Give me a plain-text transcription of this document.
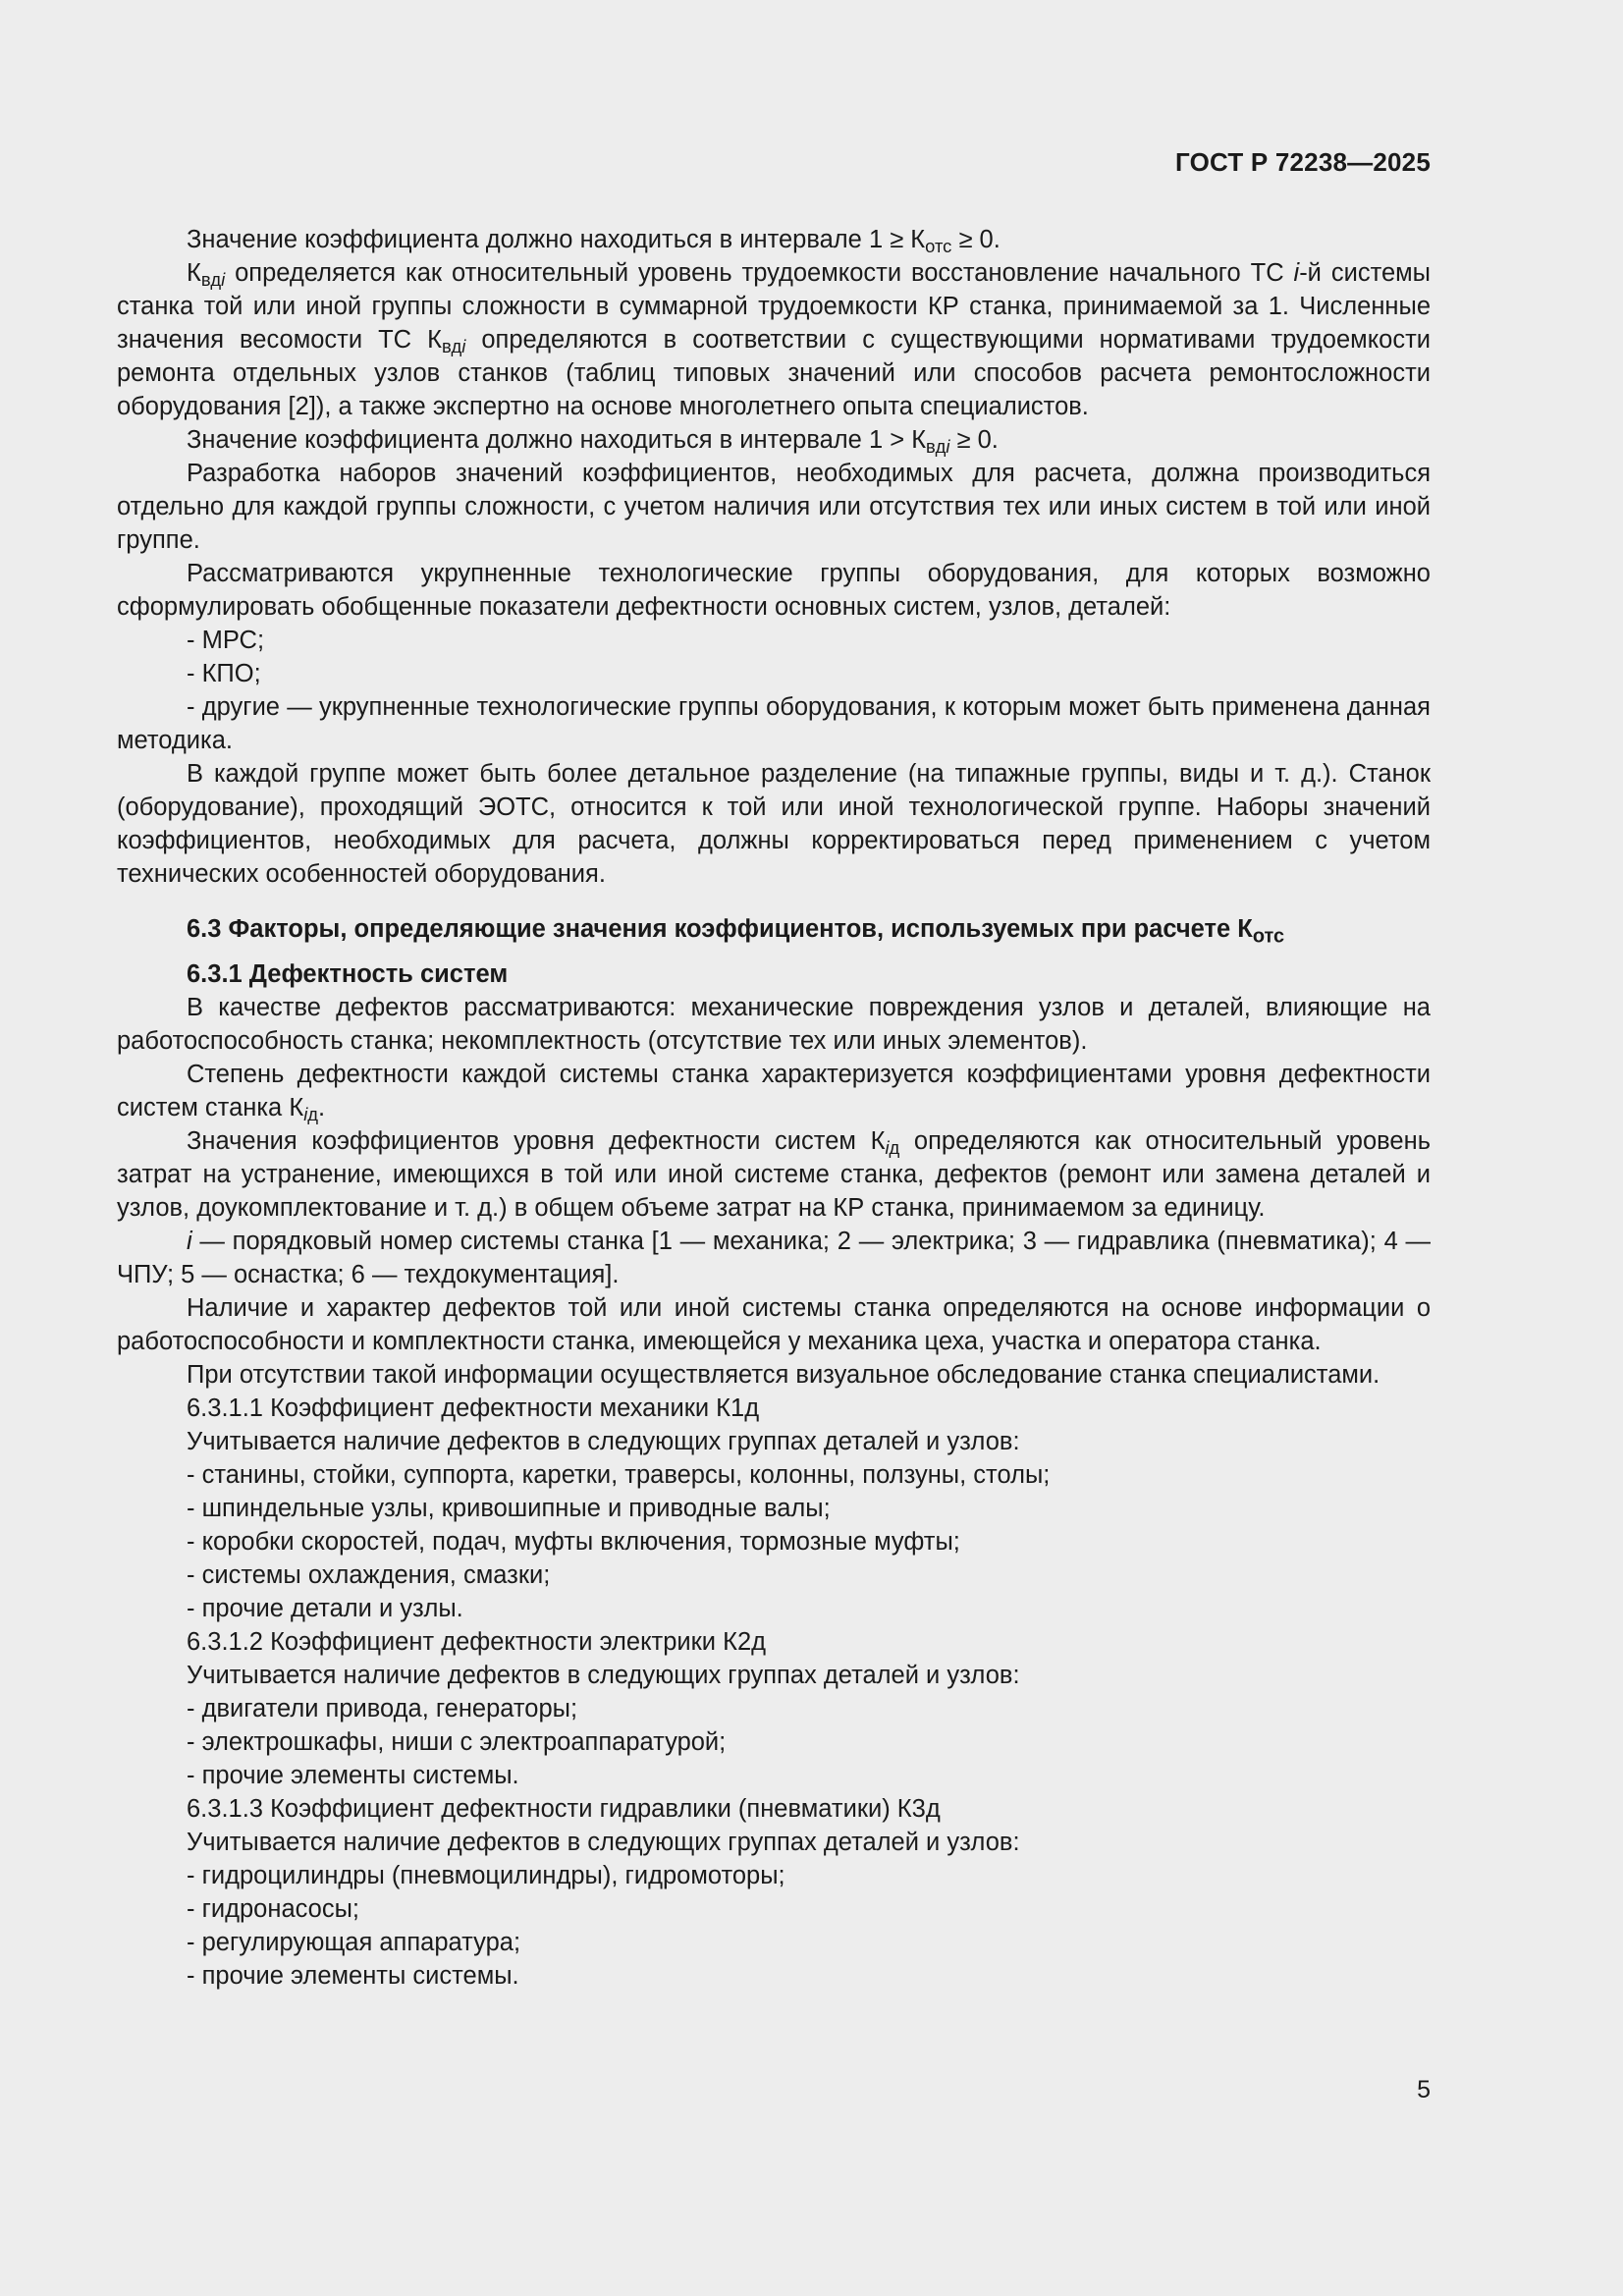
ГОСТ Р 72238—2025

Значение коэффициента должно находиться в интервале $1 \ge К_{отс} \ge 0$.

$К_{вдi}$ определяется как относительный уровень трудоемкости восстановление начального ТС i-й системы станка той или иной группы сложности в суммарной трудоемкости КР станка, принимаемой за 1. Численные значения весомости ТС $К_{вдi}$ определяются в соответствии с существующими нормативами трудоемкости ремонта отдельных узлов станков (таблиц типовых значений или способов расчета ремонтосложности оборудования [2]), а также экспертно на основе многолетнего опыта специалистов.

Значение коэффициента должно находиться в интервале $1 > К_{вдi} \ge 0$.

Разработка наборов значений коэффициентов, необходимых для расчета, должна производиться отдельно для каждой группы сложности, с учетом наличия или отсутствия тех или иных систем в той или иной группе.

Рассматриваются укрупненные технологические группы оборудования, для которых возможно сформулировать обобщенные показатели дефектности основных систем, узлов, деталей:

- МРС;

- КПО;

- другие — укрупненные технологические группы оборудования, к которым может быть применена данная методика.

В каждой группе может быть более детальное разделение (на типажные группы, виды и т. д.). Станок (оборудование), проходящий ЭОТС, относится к той или иной технологической группе. Наборы значений коэффициентов, необходимых для расчета, должны корректироваться перед применением с учетом технических особенностей оборудования.

6.3 Факторы, определяющие значения коэффициентов, используемых при расчете $К_{отс}$
6.3.1 Дефектность систем

В качестве дефектов рассматриваются: механические повреждения узлов и деталей, влияющие на работоспособность станка; некомплектность (отсутствие тех или иных элементов).

Степень дефектности каждой системы станка характеризуется коэффициентами уровня дефектности систем станка $К_{iд}$.

Значения коэффициентов уровня дефектности систем $К_{iд}$ определяются как относительный уровень затрат на устранение, имеющихся в той или иной системе станка, дефектов (ремонт или замена деталей и узлов, доукомплектование и т. д.) в общем объеме затрат на КР станка, принимаемом за единицу.

i — порядковый номер системы станка [1 — механика; 2 — электрика; 3 — гидравлика (пневматика); 4 — ЧПУ; 5 — оснастка; 6 — техдокументация].

Наличие и характер дефектов той или иной системы станка определяются на основе информации о работоспособности и комплектности станка, имеющейся у механика цеха, участка и оператора станка.

При отсутствии такой информации осуществляется визуальное обследование станка специалистами.

6.3.1.1 Коэффициент дефектности механики К1д

Учитывается наличие дефектов в следующих группах деталей и узлов:

- станины, стойки, суппорта, каретки, траверсы, колонны, ползуны, столы;

- шпиндельные узлы, кривошипные и приводные валы;

- коробки скоростей, подач, муфты включения, тормозные муфты;

- системы охлаждения, смазки;

- прочие детали и узлы.

6.3.1.2 Коэффициент дефектности электрики К2д

Учитывается наличие дефектов в следующих группах деталей и узлов:

- двигатели привода, генераторы;

- электрошкафы, ниши с электроаппаратурой;

- прочие элементы системы.

6.3.1.3 Коэффициент дефектности гидравлики (пневматики) К3д

Учитывается наличие дефектов в следующих группах деталей и узлов:

- гидроцилиндры (пневмоцилиндры), гидромоторы;

- гидронасосы;

- регулирующая аппаратура;

- прочие элементы системы.

5
